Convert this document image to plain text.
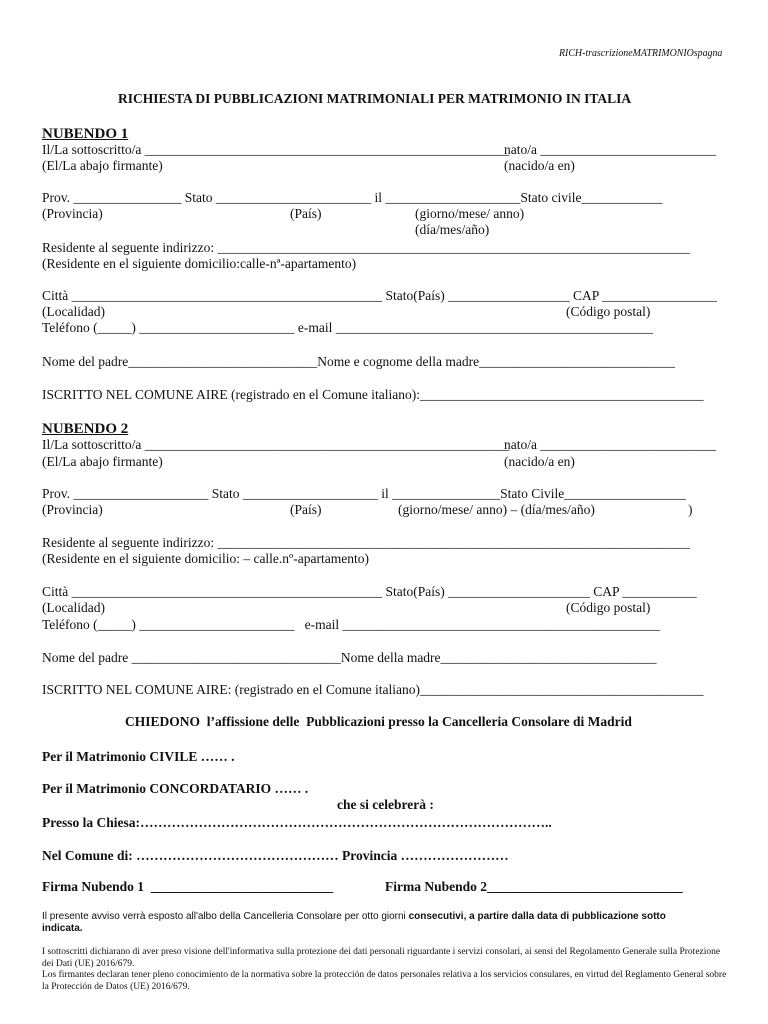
RICH-trascrizioneMATRIMONIOspagna
RICHIESTA DI PUBBLICAZIONI MATRIMONIALI PER MATRIMONIO IN ITALIA
NUBENDO 1
Il/La sottoscritto/a ______________________________________________________
nato/a __________________________
(El/La abajo firmante)	(nacido/a en)
Prov. ________________ Stato _______________________ il ____________________Stato civile____________
(Provincia)	(País)	(giorno/mese/ anno)
(día/mes/año)
Residente al seguente indirizzo: ______________________________________________________________________
(Residente en el siguiente domicilio:calle-nª-apartamento)
Città ______________________________________________ Stato(País) __________________ CAP _________________
(Localidad)	(Código postal)
Teléfono (_____) _______________________ e-mail _______________________________________________
Nome del padre____________________________Nome e cognome della madre_____________________________
ISCRITTO NEL COMUNE AIRE (registrado en el Comune italiano):__________________________________________
NUBENDO 2
Il/La sottoscritto/a ______________________________________________________
nato/a __________________________
(El/La abajo firmante)	(nacido/a en)
Prov. ____________________ Stato ____________________ il ________________Stato Civile__________________
(Provincia)	(País)	(giorno/mese/ anno) – (día/mes/año)	)
Residente al seguente indirizzo: ______________________________________________________________________
(Residente en el siguiente domicilio: – calle.nº-apartamento)
Città ______________________________________________ Stato(País) _____________________ CAP ___________
(Localidad)	(Código postal)
Teléfono (_____) _______________________   e-mail _______________________________________________
Nome del padre _______________________________Nome della madre________________________________
ISCRITTO NEL COMUNE AIRE: (registrado en el Comune italiano)__________________________________________
CHIEDONO  l’affissione delle  Pubblicazioni presso la Cancelleria Consolare di Madrid
Per il Matrimonio CIVILE …… .
Per il Matrimonio CONCORDATARIO …… .
che si celebrerà :
Presso la Chiesa:………………………………………………………………………………..
Nel Comune di: ……………………………………… Provincia ……………………
Firma Nubendo 1  ___________________________	Firma Nubendo 2_____________________________
Il presente avviso verrà esposto all'albo della Cancelleria Consolare per otto giorni consecutivi, a partire dalla data di pubblicazione sotto
indicata.
I sottoscritti dichiarano di aver preso visione dell'informativa sulla protezione dei dati personali riguardante i servizi consolari, ai sensi del Regolamento Generale sulla Protezione dei Dati (UE) 2016/679.
Los firmantes declaran tener pleno conocimiento de la normativa sobre la protección de datos personales relativa a los servicios consulares, en virtud del Reglamento General sobre la Protección de Datos (UE) 2016/679.
